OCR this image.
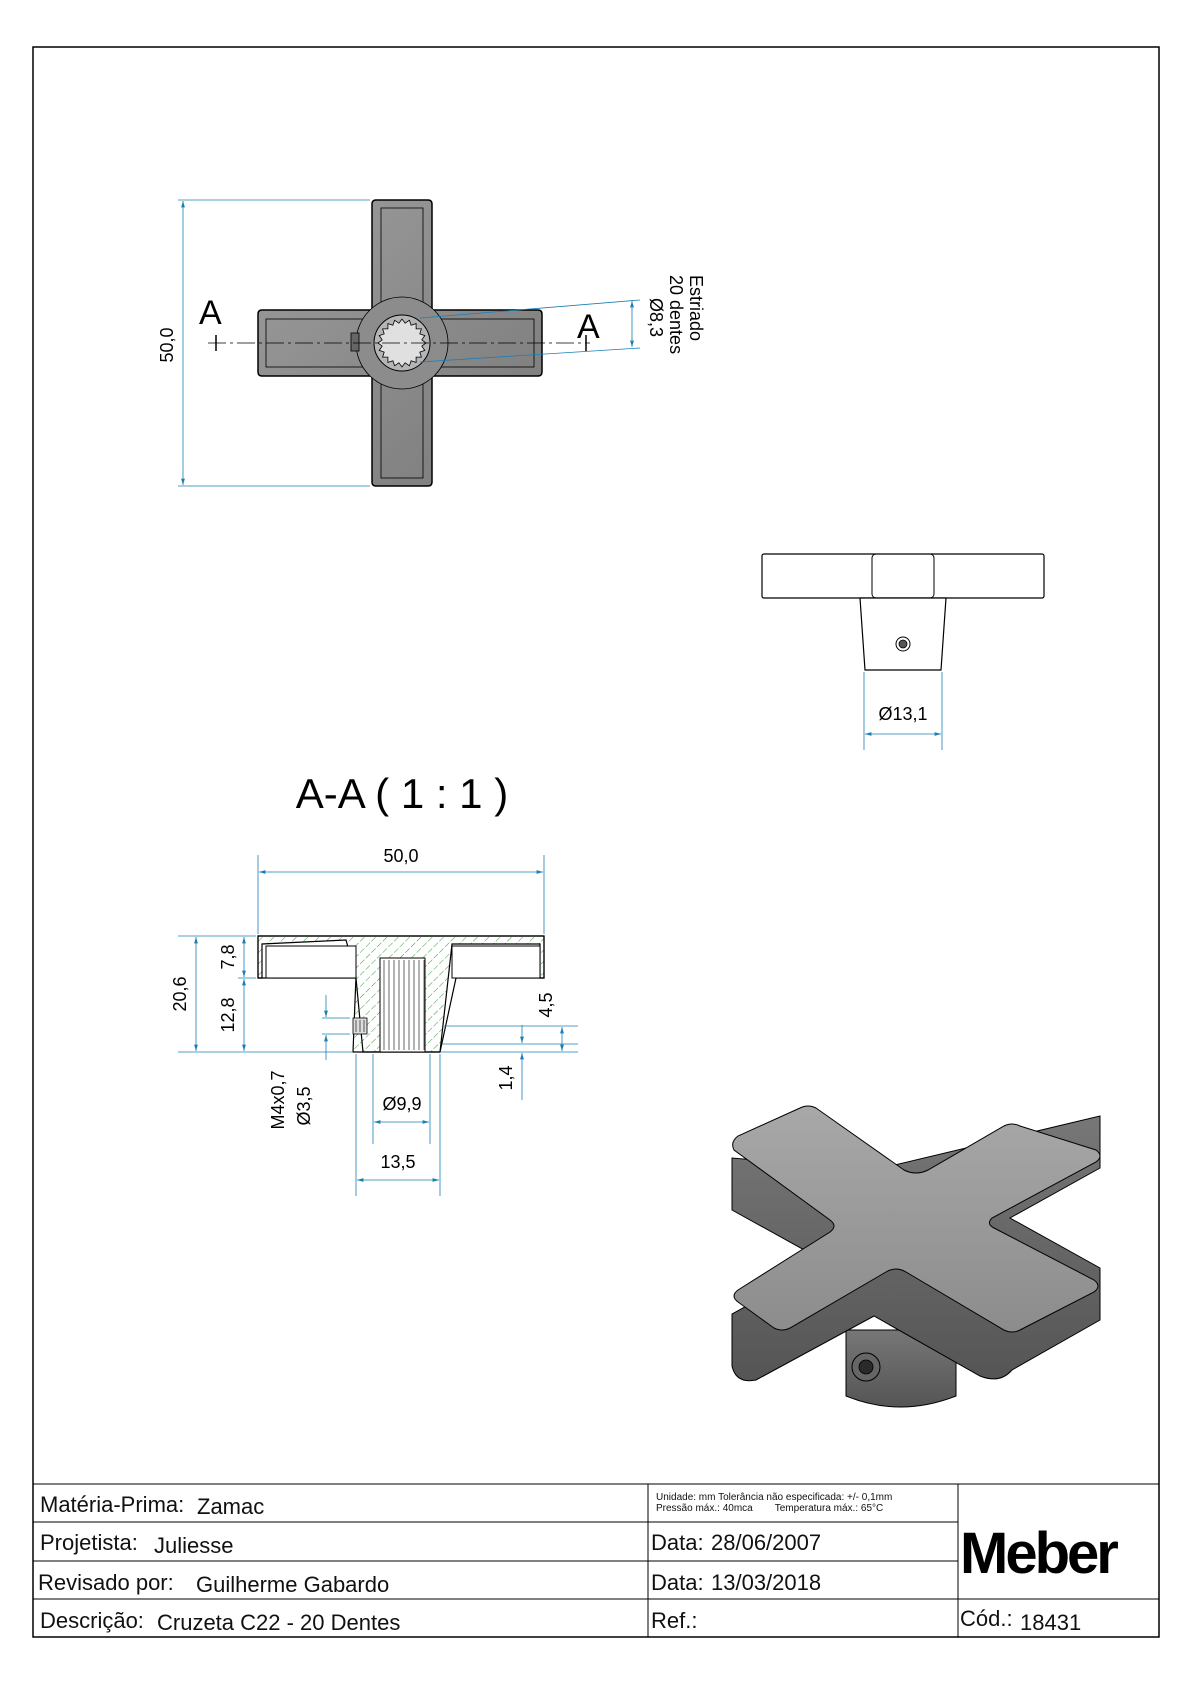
A	A
50,0
Estriado
20 dentes
Ø8,3
Ø13,1
A-A ( 1 : 1 )
50,0
20,6
7,8
12,8
M4x0,7 Ø3,5
4,5
1,4
Ø9,9
13,5
Matéria-Prima: Zamac
Projetista: Juliesse
Revisado por: Guilherme Gabardo
Descrição: Cruzeta C22 - 20 Dentes
Unidade: mm Tolerância não especificada: +/- 0,1mm
Pressão máx.: 40mca        Temperatura máx.: 65°C
Data: 28/06/2007
Data: 13/03/2018
Ref.:	Cód.: 18431
Meber
